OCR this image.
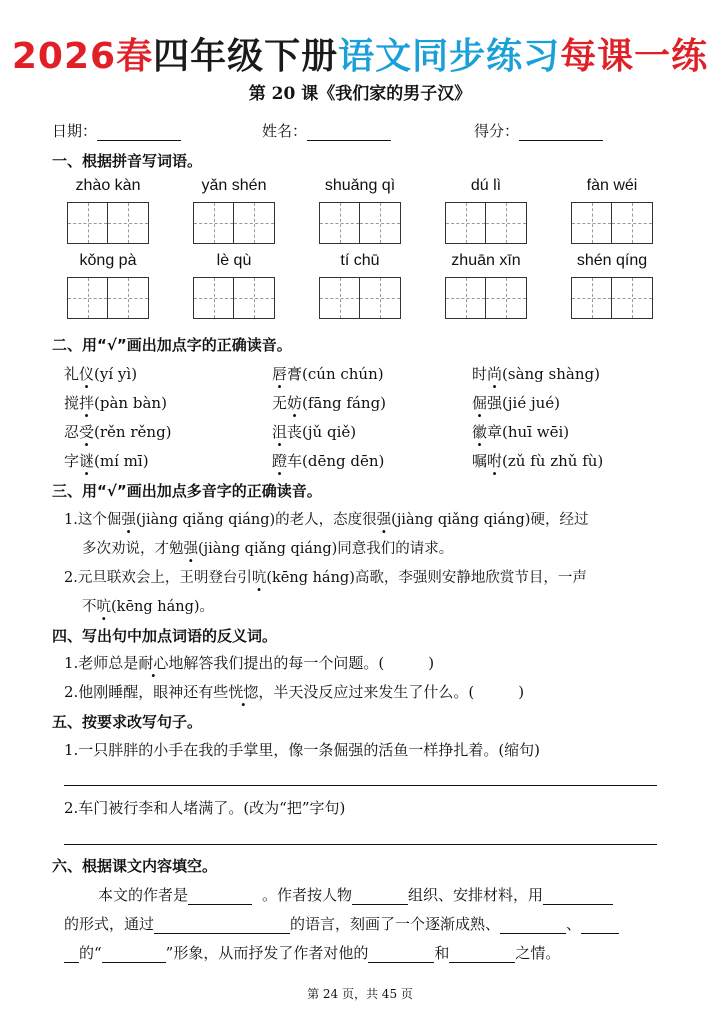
2026春四年级下册语文同步练习每课一练
第 20 课《我们家的男子汉》
日期：	姓名：	得分：
一、根据拼音写词语。
zhào kàn	yǎn shén	shuǎng qì	dú lì	fàn wéi
kǒng pà	lè qù	tí chū	zhuān xīn	shén qíng
二、用“√”画出加点字的正确读音。
礼仪(yí yì)	唇膏(cún chún)	时尚(sàng shàng)
搅拌(pàn bàn)	无妨(fāng fáng)	倔强(jié jué)
忍受(rěn rěng)	沮丧(jǔ qiě)	徽章(huī wēi)
字谜(mí mī)	蹬车(dēng dēn)	嘱咐(zǔ fù zhǔ fù)
三、用“√”画出加点多音字的正确读音。
1.这个倔强(jiàng qiǎng qiáng)的老人，态度很强(jiàng qiǎng qiáng)硬，经过
多次劝说，才勉强(jiàng qiǎng qiáng)同意我们的请求。
2.元旦联欢会上，王明登台引吭(kēng háng)高歌，李强则安静地欣赏节目，一声
不吭(kēng háng)。
四、写出句中加点词语的反义词。
1.老师总是耐心地解答我们提出的每一个问题。(	)
2.他刚睡醒，眼神还有些恍惚，半天没反应过来发生了什么。(	)
五、按要求改写句子。
1.一只胖胖的小手在我的手掌里，像一条倔强的活鱼一样挣扎着。(缩句)
2.车门被行李和人堵满了。(改为“把”字句)
六、根据课文内容填空。
本文的作者是	。作者按人物	组织、安排材料，用
的形式，通过	的语言，刻画了一个逐渐成熟、	、
的“	”形象，从而抒发了作者对他的	和	之情。
第 24 页，共 45 页
